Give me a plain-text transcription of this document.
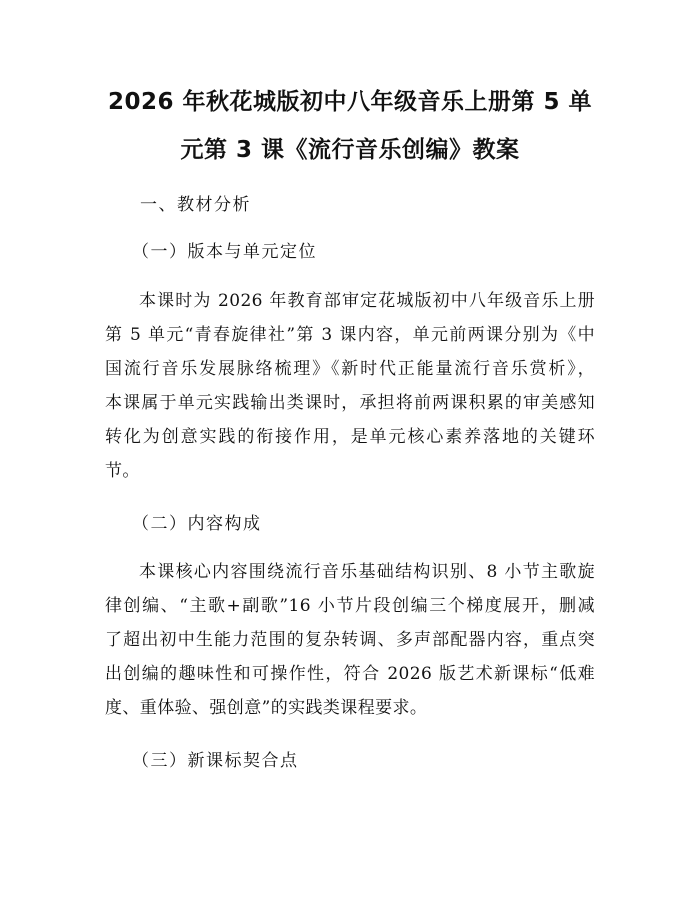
2026 年秋花城版初中八年级音乐上册第 5 单
元第 3 课《流行音乐创编》教案

一、教材分析

（一）版本与单元定位

本课时为 2026 年教育部审定花城版初中八年级音乐上册
第 5 单元“青春旋律社”第 3 课内容，单元前两课分别为《中
国流行音乐发展脉络梳理》《新时代正能量流行音乐赏析》，
本课属于单元实践输出类课时，承担将前两课积累的审美感知
转化为创意实践的衔接作用，是单元核心素养落地的关键环
节。

（二）内容构成

本课核心内容围绕流行音乐基础结构识别、8 小节主歌旋
律创编、“主歌+副歌”16 小节片段创编三个梯度展开，删减
了超出初中生能力范围的复杂转调、多声部配器内容，重点突
出创编的趣味性和可操作性，符合 2026 版艺术新课标“低难
度、重体验、强创意”的实践类课程要求。

（三）新课标契合点
